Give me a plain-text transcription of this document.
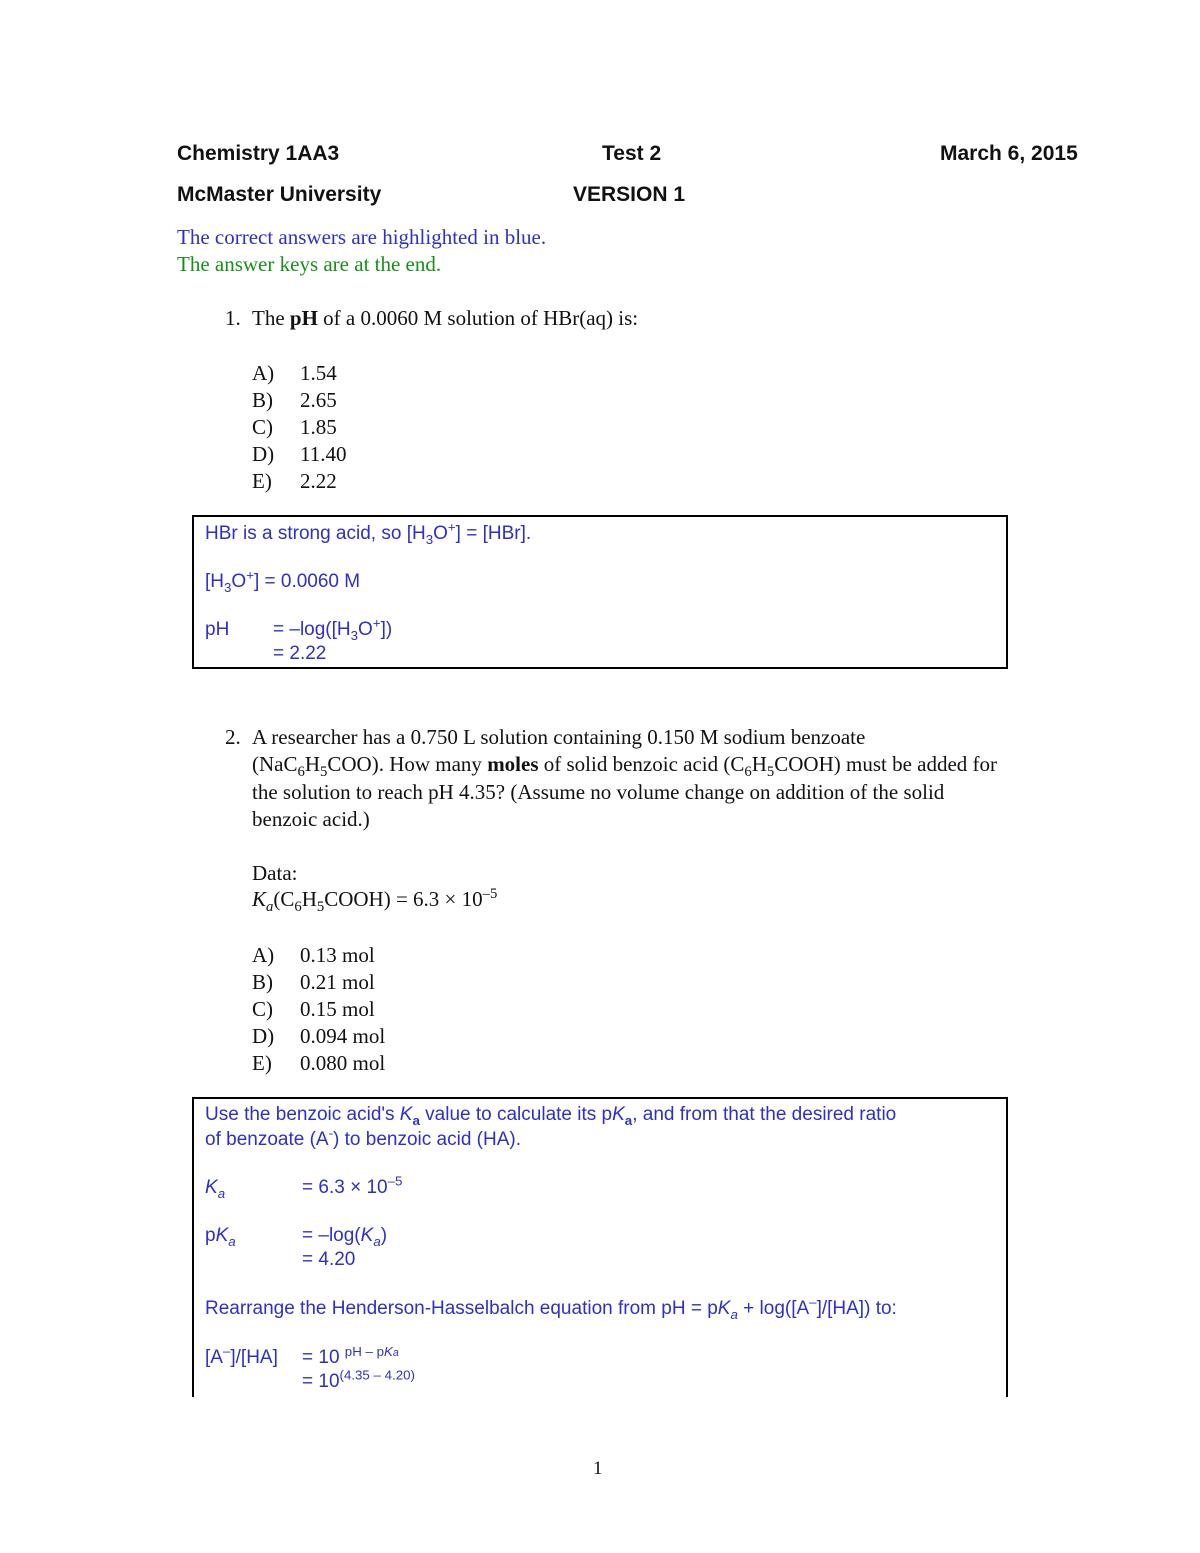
Chemistry 1AA3	Test 2	March 6, 2015
McMaster University	VERSION 1
The correct answers are highlighted in blue.
The answer keys are at the end.
1. The pH of a 0.0060 M solution of HBr(aq) is:
A) 1.54
B) 2.65
C) 1.85
D) 11.40
E) 2.22
HBr is a strong acid, so $[H_3O^+] = [HBr]$.
$[H_3O^+] = 0.0060$ M
pH = $-\log([H_3O^+])$
= 2.22
2. A researcher has a 0.750 L solution containing 0.150 M sodium benzoate
$(NaC_6H_5COO)$. How many moles of solid benzoic acid $(C_6H_5COOH)$ must be added for
the solution to reach pH 4.35? (Assume no volume change on addition of the solid
benzoic acid.)
Data:
$K_a(C_6H_5COOH) = 6.3 \times 10^{-5}$
A) 0.13 mol
B) 0.21 mol
C) 0.15 mol
D) 0.094 mol
E) 0.080 mol
Use the benzoic acid's $K_a$ value to calculate its $pK_a$, and from that the desired ratio
of benzoate (A-) to benzoic acid (HA).
$K_a$	= $6.3 \times 10^{-5}$
$pK_a$	= $-\log(K_a)$
= 4.20
Rearrange the Henderson-Hasselbalch equation from pH = $pK_a + \log([A^-]/[HA])$ to:
[A–]/[HA] = 10 $^{pH - pKa}$
= $10^{(4.35 - 4.20)}$
1
